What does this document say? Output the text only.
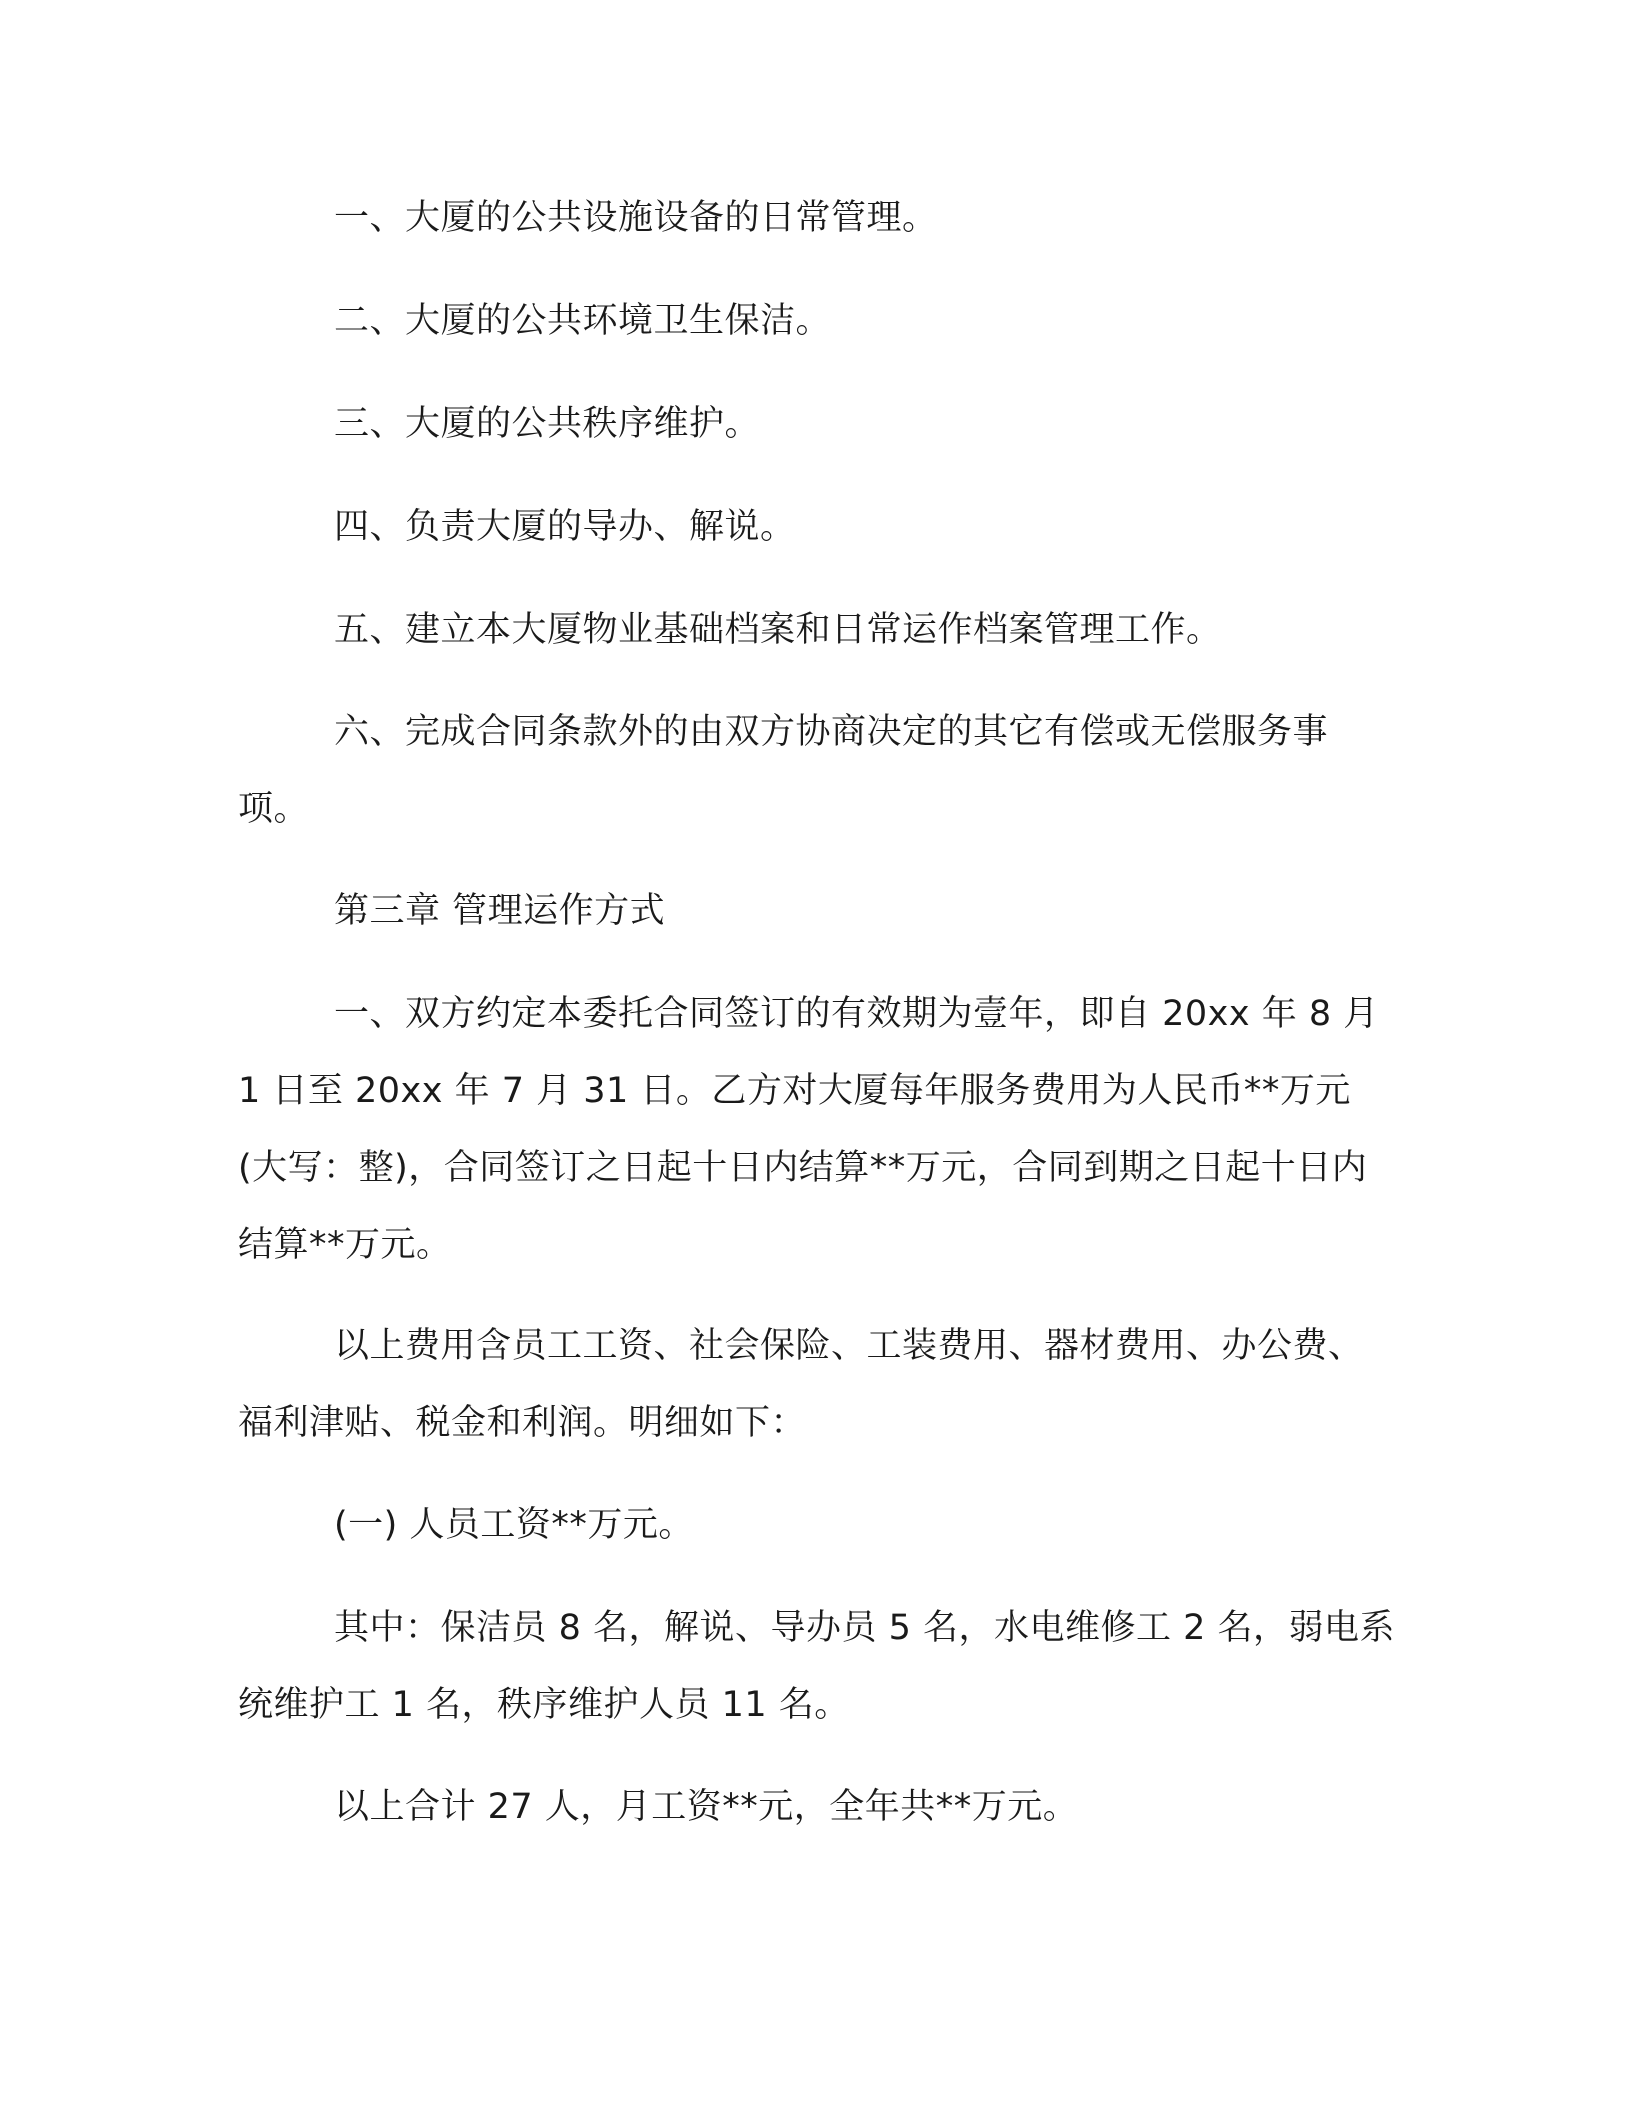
一、大厦的公共设施设备的日常管理。

二、大厦的公共环境卫生保洁。

三、大厦的公共秩序维护。

四、负责大厦的导办、解说。

五、建立本大厦物业基础档案和日常运作档案管理工作。

六、完成合同条款外的由双方协商决定的其它有偿或无偿服务事项。

第三章 管理运作方式

一、双方约定本委托合同签订的有效期为壹年，即自 20xx 年 8 月 1 日至 20xx 年 7 月 31 日。乙方对大厦每年服务费用为人民币**万元(大写：整)，合同签订之日起十日内结算**万元，合同到期之日起十日内结算**万元。

以上费用含员工工资、社会保险、工装费用、器材费用、办公费、福利津贴、税金和利润。明细如下：

(一) 人员工资**万元。

其中：保洁员 8 名，解说、导办员 5 名，水电维修工 2 名，弱电系统维护工 1 名，秩序维护人员 11 名。

以上合计 27 人，月工资**元，全年共**万元。
